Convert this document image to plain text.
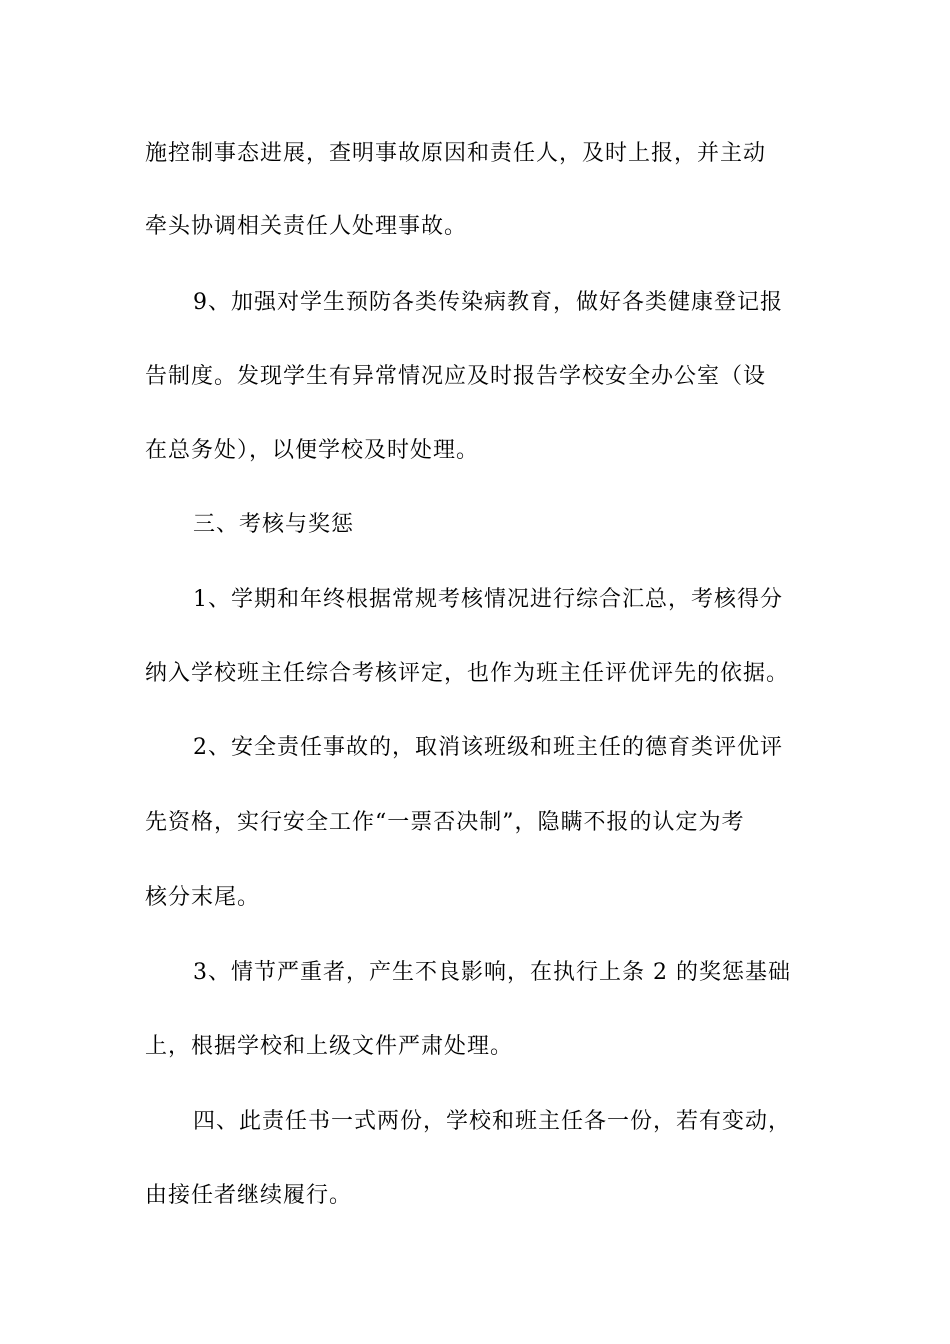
施控制事态进展，查明事故原因和责任人，及时上报，并主动
牵头协调相关责任人处理事故。
9、加强对学生预防各类传染病教育，做好各类健康登记报
告制度。发现学生有异常情况应及时报告学校安全办公室（设
在总务处），以便学校及时处理。
三、考核与奖惩
1、学期和年终根据常规考核情况进行综合汇总，考核得分
纳入学校班主任综合考核评定，也作为班主任评优评先的依据。
2、安全责任事故的，取消该班级和班主任的德育类评优评
先资格，实行安全工作“一票否决制”，隐瞒不报的认定为考
核分末尾。
3、情节严重者，产生不良影响，在执行上条 2 的奖惩基础
上，根据学校和上级文件严肃处理。
四、此责任书一式两份，学校和班主任各一份，若有变动，
由接任者继续履行。
